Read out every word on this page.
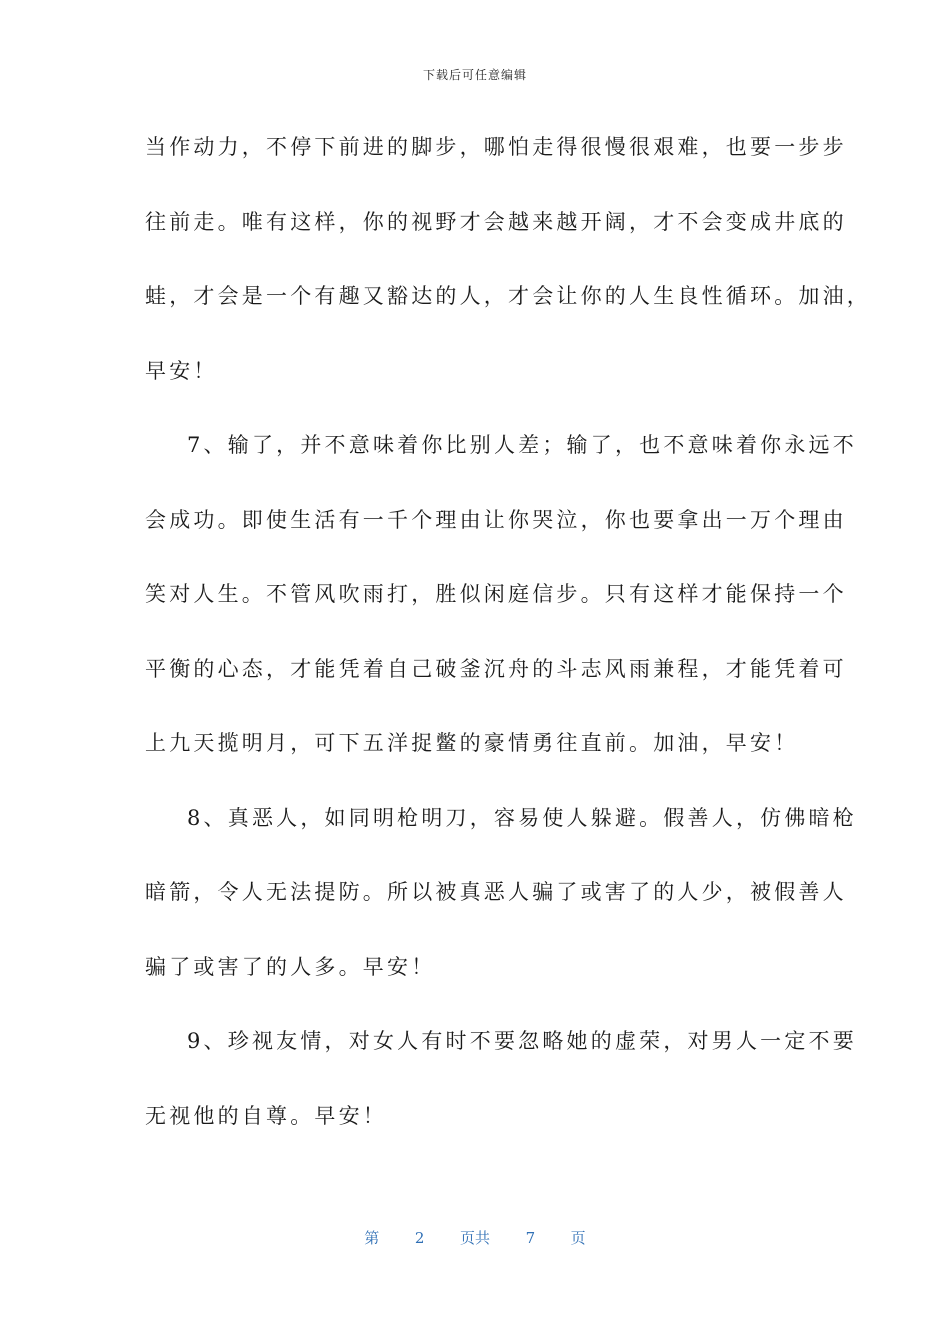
下载后可任意编辑
当作动力，不停下前进的脚步，哪怕走得很慢很艰难，也要一步步
往前走。唯有这样，你的视野才会越来越开阔，才不会变成井底的
蛙，才会是一个有趣又豁达的人，才会让你的人生良性循环。加油，
早安！
7、输了，并不意味着你比别人差；输了，也不意味着你永远不
会成功。即使生活有一千个理由让你哭泣，你也要拿出一万个理由
笑对人生。不管风吹雨打，胜似闲庭信步。只有这样才能保持一个
平衡的心态，才能凭着自己破釜沉舟的斗志风雨兼程，才能凭着可
上九天揽明月，可下五洋捉鳖的豪情勇往直前。加油，早安！
8、真恶人，如同明枪明刀，容易使人躲避。假善人，仿佛暗枪
暗箭，令人无法提防。所以被真恶人骗了或害了的人少，被假善人
骗了或害了的人多。早安！
9、珍视友情，对女人有时不要忽略她的虚荣，对男人一定不要
无视他的自尊。早安！
第 2 页共 7 页
